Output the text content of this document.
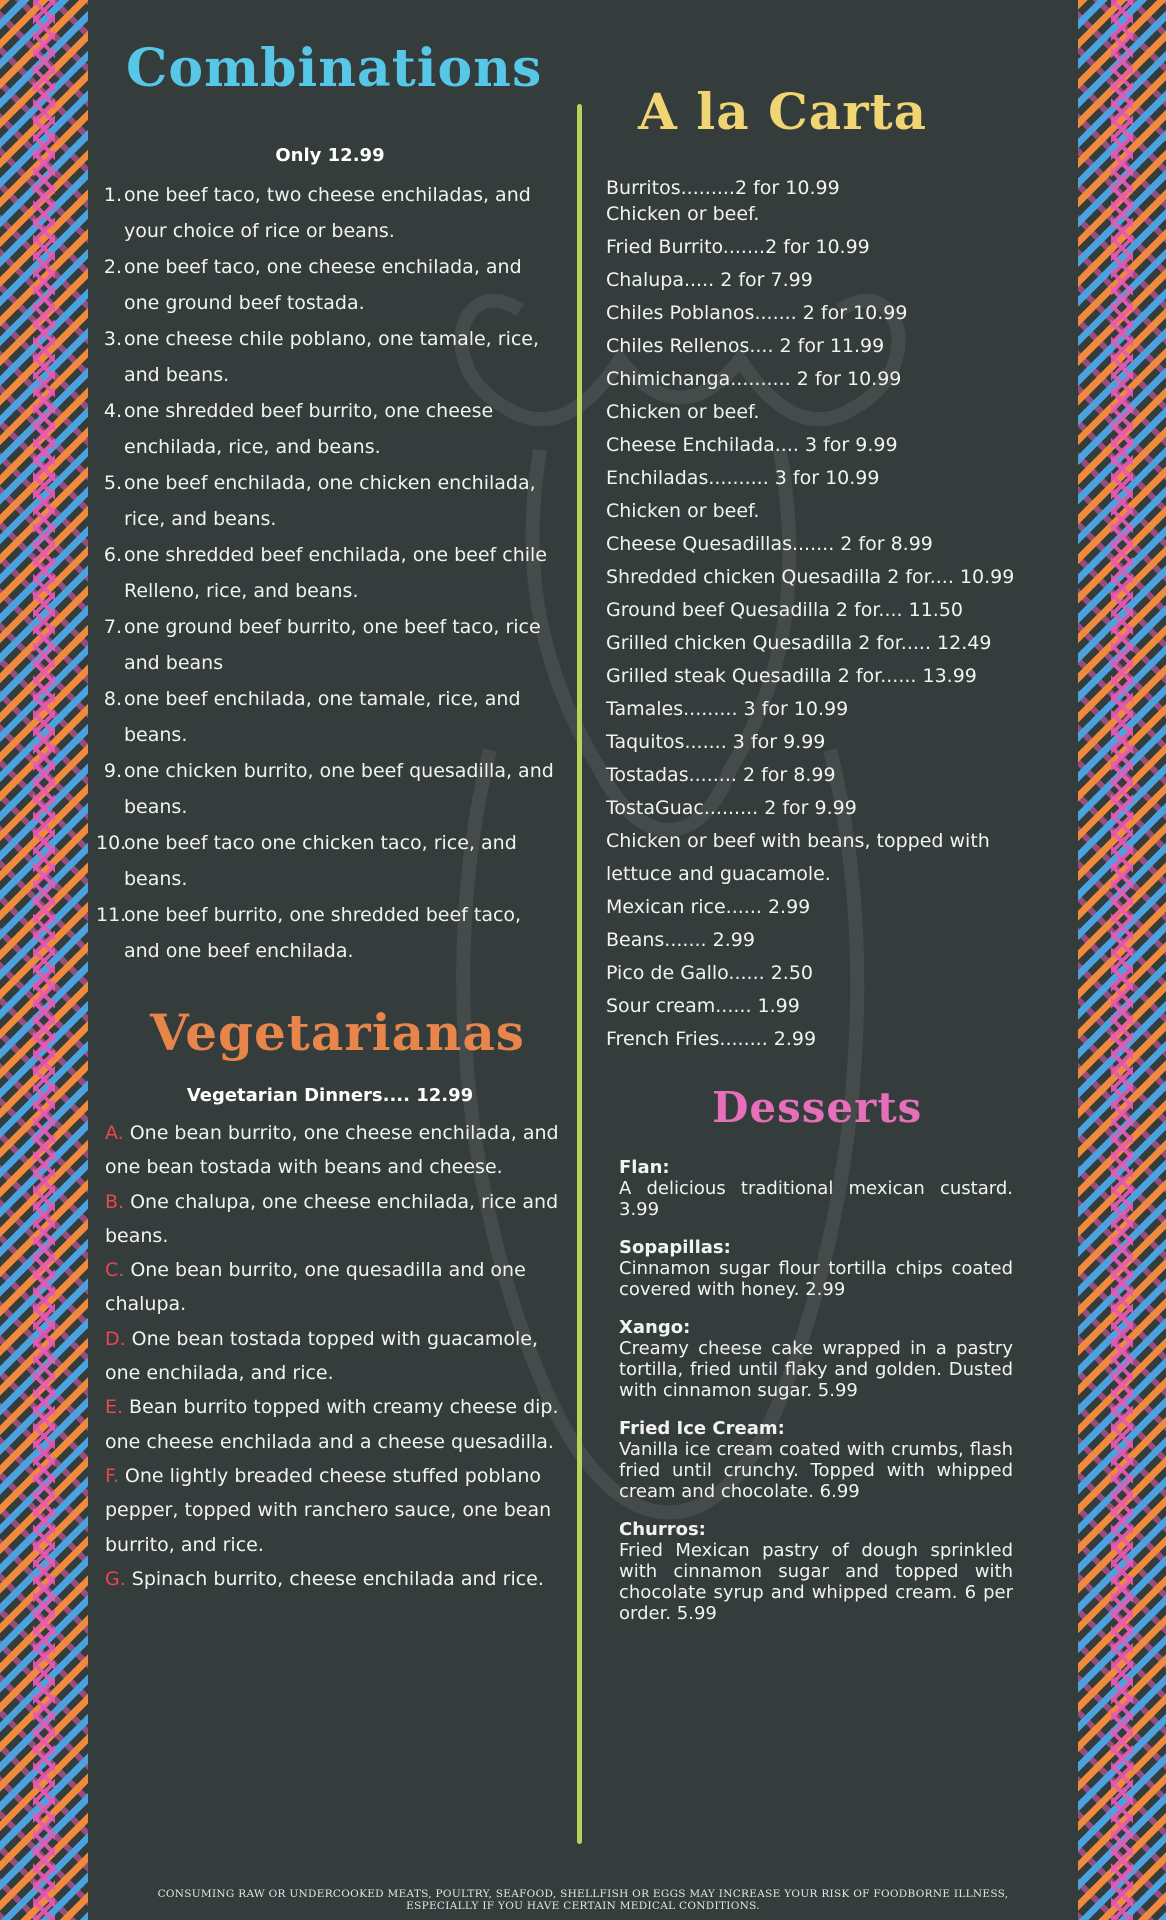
Combinations
Only 12.99
1. one beef taco, two cheese enchiladas, and your choice of rice or beans.
2. one beef taco, one cheese enchilada, and one ground beef tostada.
3. one cheese chile poblano, one tamale, rice, and beans.
4. one shredded beef burrito, one cheese enchilada, rice, and beans.
5. one beef enchilada, one chicken enchilada, rice, and beans.
6. one shredded beef enchilada, one beef chile Relleno, rice, and beans.
7. one ground beef burrito, one beef taco, rice and beans
8. one beef enchilada, one tamale, rice, and beans.
9. one chicken burrito, one beef quesadilla, and beans.
10.
one beef taco one chicken taco, rice, and beans.
11.
one beef burrito, one shredded beef taco, and one beef enchilada.
Vegetarianas
Vegetarian Dinners.... 12.99
A. One bean burrito, one cheese enchilada, and one bean tostada with beans and cheese.
B. One chalupa, one cheese enchilada, rice and beans.
C. One bean burrito, one quesadilla and one chalupa.
D. One bean tostada topped with guacamole, one enchilada, and rice.
E. Bean burrito topped with creamy cheese dip. one cheese enchilada and a cheese quesadilla.
F. One lightly breaded cheese stuffed poblano pepper, topped with ranchero sauce, one bean burrito, and rice.
G. Spinach burrito, cheese enchilada and rice.
A la Carta
Burritos.........2 for 10.99
Chicken or beef.
Fried Burrito.......2 for 10.99
Chalupa..... 2 for 7.99
Chiles Poblanos....... 2 for 10.99
Chiles Rellenos.... 2 for 11.99
Chimichanga.......... 2 for 10.99
Chicken or beef.
Cheese Enchilada.... 3 for 9.99
Enchiladas.......... 3 for 10.99
Chicken or beef.
Cheese Quesadillas....... 2 for 8.99
Shredded chicken Quesadilla 2 for.... 10.99
Ground beef Quesadilla 2 for.... 11.50
Grilled chicken Quesadilla 2 for..... 12.49
Grilled steak Quesadilla 2 for...... 13.99
Tamales......... 3 for 10.99
Taquitos....... 3 for 9.99
Tostadas........ 2 for 8.99
TostaGuac......... 2 for 9.99
Chicken or beef with beans, topped with
lettuce and guacamole.
Mexican rice...... 2.99
Beans....... 2.99
Pico de Gallo...... 2.50
Sour cream...... 1.99
French Fries........ 2.99
Desserts
Flan:
A delicious traditional mexican custard. 3.99
Sopapillas:
Cinnamon sugar flour tortilla chips coated covered with honey. 2.99
Xango:
Creamy cheese cake wrapped in a pastry tortilla, fried until flaky and golden. Dusted with cinnamon sugar. 5.99
Fried Ice Cream:
Vanilla ice cream coated with crumbs, flash fried until crunchy. Topped with whipped cream and chocolate. 6.99
Churros:
Fried Mexican pastry of dough sprinkled with cinnamon sugar and topped with chocolate syrup and whipped cream. 6 per order. 5.99
CONSUMING RAW OR UNDERCOOKED MEATS, POULTRY, SEAFOOD, SHELLFISH OR EGGS MAY INCREASE YOUR RISK OF FOODBORNE ILLNESS,
ESPECIALLY IF YOU HAVE CERTAIN MEDICAL CONDITIONS.
